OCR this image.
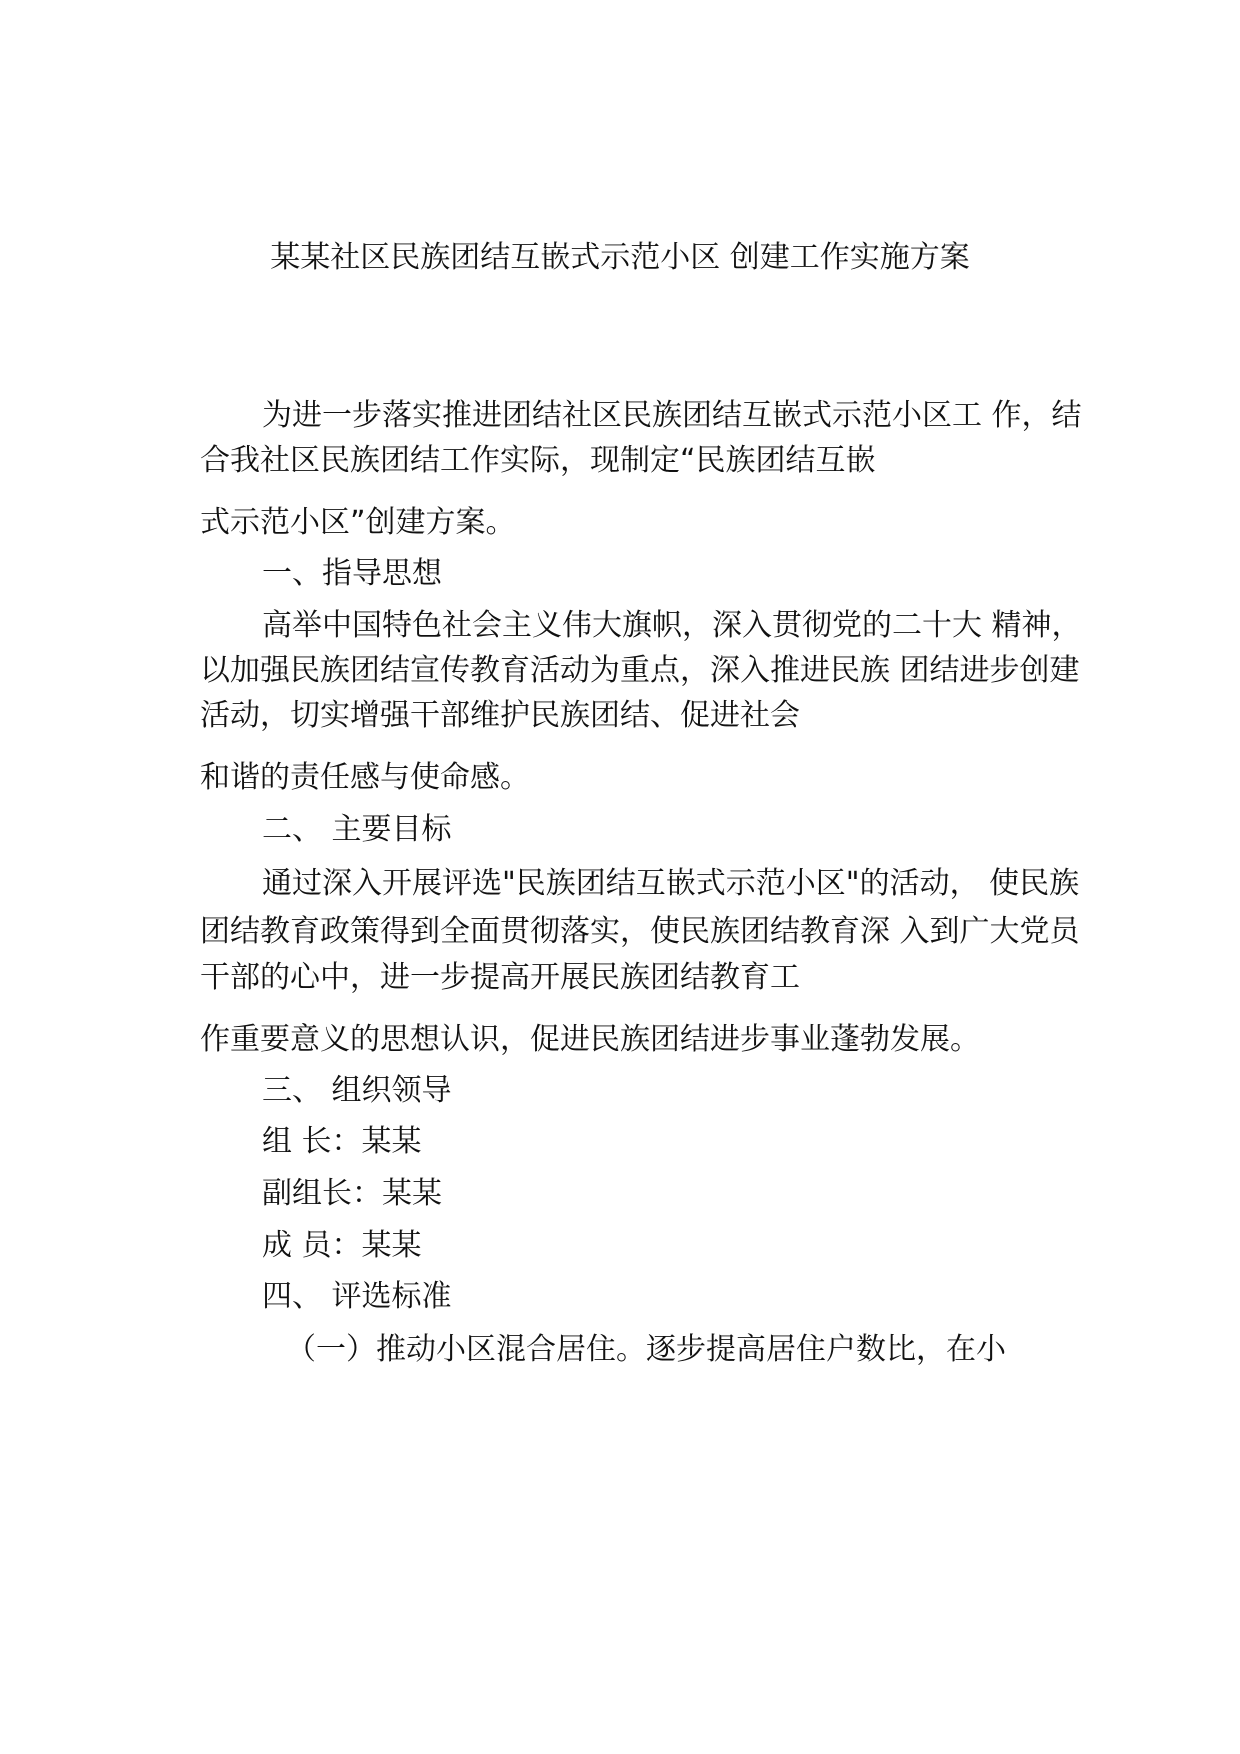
某某社区民族团结互嵌式示范小区 创建工作实施方案
为进一步落实推进团结社区民族团结互嵌式示范小区工 作，结
合我社区民族团结工作实际，现制定“民族团结互嵌
式示范小区”创建方案。
一、指导思想
高举中国特色社会主义伟大旗帜，深入贯彻党的二十大 精神，
以加强民族团结宣传教育活动为重点，深入推进民族 团结进步创建
活动，切实增强干部维护民族团结、促进社会
和谐的责任感与使命感。
二、 主要目标
通过深入开展评选"民族团结互嵌式示范小区"的活动， 使民族
团结教育政策得到全面贯彻落实，使民族团结教育深 入到广大党员
干部的心中，进一步提高开展民族团结教育工
作重要意义的思想认识，促进民族团结进步事业蓬勃发展。
三、 组织领导
组 长：某某
副组长：某某
成 员：某某
四、 评选标准
（一）推动小区混合居住。逐步提高居住户数比，在小
